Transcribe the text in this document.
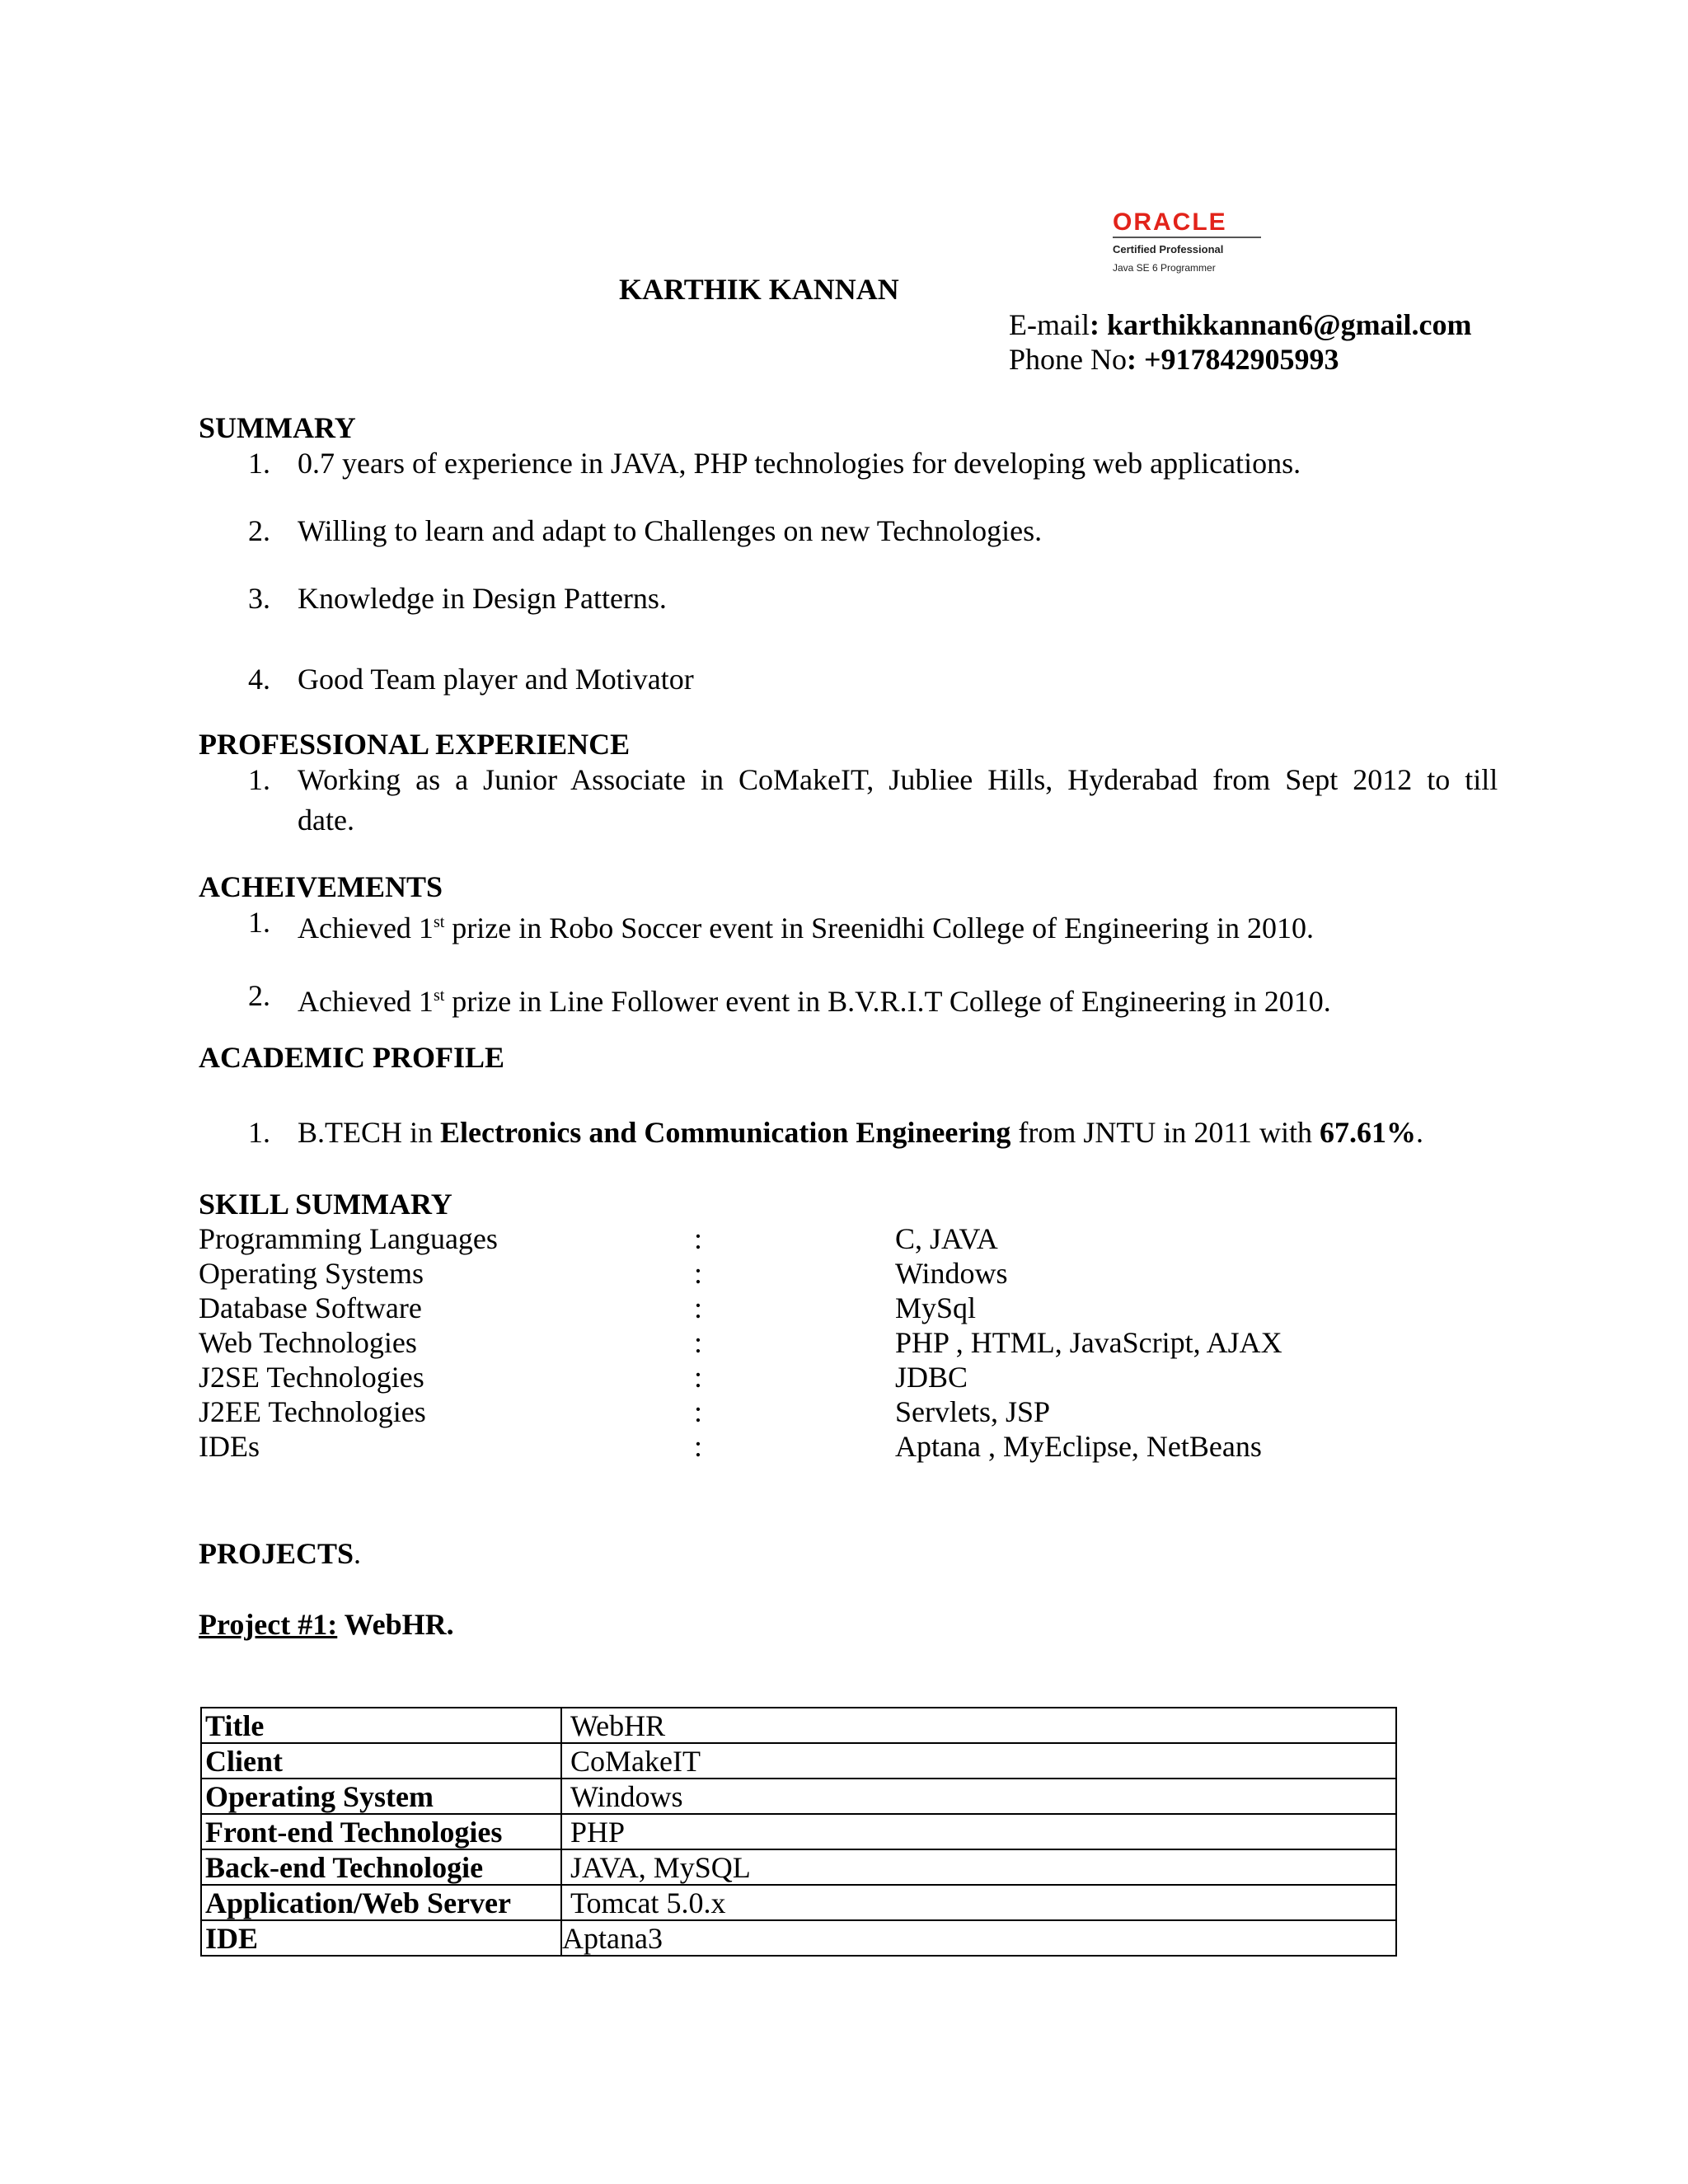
ORACLE
Certified Professional
Java SE 6 Programmer
KARTHIK KANNAN
E-mail: karthikkannan6@gmail.com
Phone No: +917842905993
SUMMARY
1. 0.7 years of experience in JAVA, PHP technologies for developing web applications.
2. Willing to learn and adapt to Challenges on new Technologies.
3. Knowledge in Design Patterns.
4. Good Team player and Motivator
PROFESSIONAL EXPERIENCE
1. Working  as  a  Junior  Associate  in  CoMakeIT,  Jubliee  Hills,  Hyderabad  from  Sept  2012  to  till
date.
ACHEIVEMENTS
1. Achieved 1st prize in Robo Soccer event in Sreenidhi College of Engineering in 2010.
2. Achieved 1st prize in Line Follower event in B.V.R.I.T College of Engineering in 2010.
ACADEMIC PROFILE
1. B.TECH in Electronics and Communication Engineering from JNTU in 2011 with 67.61%.
SKILL SUMMARY
Programming Languages	:	C, JAVA
Operating Systems	:	Windows
Database Software	:	MySql
Web Technologies	:	PHP , HTML, JavaScript, AJAX
J2SE Technologies	:	JDBC
J2EE Technologies	:	Servlets, JSP
IDEs	:	Aptana , MyEclipse, NetBeans
PROJECTS.
Project #1: WebHR.
Title	WebHR
Client	CoMakeIT
Operating System	Windows
Front-end Technologies	PHP
Back-end Technologie	JAVA, MySQL
Application/Web Server	Tomcat 5.0.x
IDE	Aptana3
